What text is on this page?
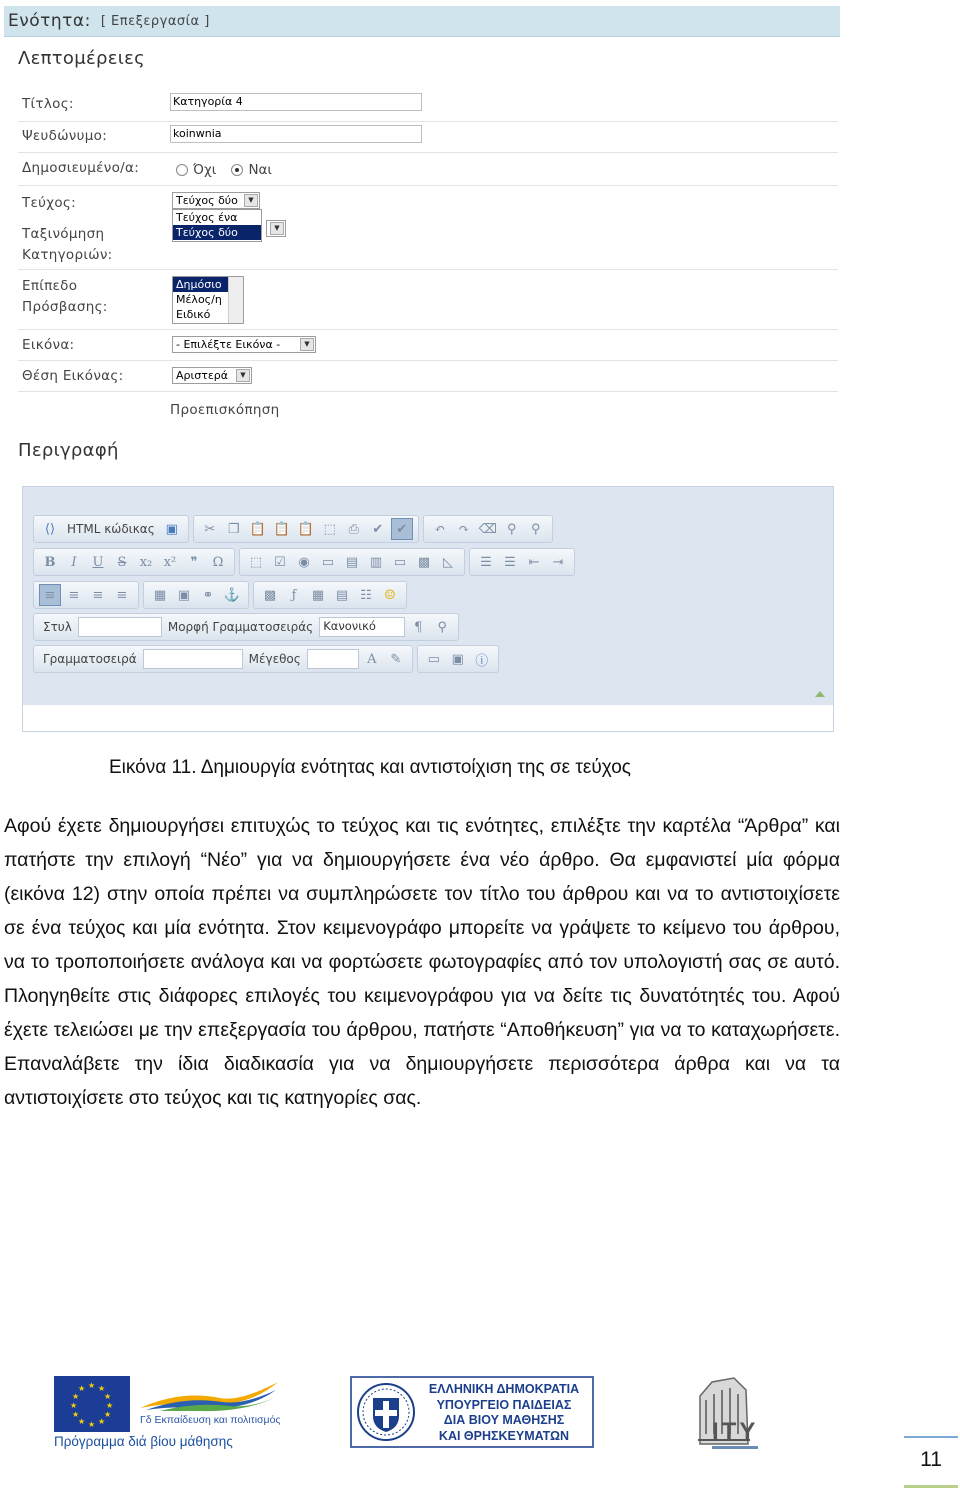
Ενότητα: [ Επεξεργασία ]
Λεπτομέρειες
Τίτλος:	Κατηγορία 4
Ψευδώνυμο:	koinwnia
Δημοσιευμένο/α:	Όχι Ναι
Τεύχος:
Ταξινόμηση
Κατηγοριών:
Τεύχος δύο	▼
Τεύχος ένα
Τεύχος δύο	▼
Επίπεδο
Πρόσβασης:
Δημόσιο
Μέλος/η
Ειδικό
Εικόνα:	- Επιλέξτε Εικόνα -	▼
Θέση Εικόνας:	Αριστερά	▼
Προεπισκόπηση
Περιγραφή
⟨⟩ HTML κώδικας ▣	✂ ❐ 📋 📋 📋 ⬚ ⎙	✔	✔	↶	↷ ⌫ ⚲	⚲
B	I	U	S	x₂ x²	❞	Ω	⬚ ☑ ◉ ▭ ▤ ▥ ▭ ▩ ◺	☰ ☰ ⇤	⇥
≡	≡	≡	≡	▦ ▣ ⚭ ⚓	▩	ƒ	▦ ▤ ☷ ☺
Στυλ	Μορφή Γραμματοσειράς Κανονικό	¶	⚲
Γραμματοσειρά	Μέγεθος	A	✎	▭ ▣ ⓘ
Εικόνα 11. Δημιουργία ενότητας και αντιστοίχιση της σε τεύχος

Αφού έχετε δημιουργήσει επιτυχώς το τεύχος και τις ενότητες, επιλέξτε την καρτέλα “Άρθρα” και πατήστε την επιλογή “Νέο” για να δημιουργήσετε ένα νέο άρθρο. Θα εμφανιστεί μία φόρμα (εικόνα 12) στην οποία πρέπει να συμπληρώσετε τον τίτλο του άρθρου και να το αντιστοιχίσετε σε ένα τεύχος και μία ενότητα. Στον κειμενογράφο μπορείτε να γράψετε το κείμενο του άρθρου, να το τροποποιήσετε ανάλογα και να φορτώσετε φωτογραφίες από τον υπολογιστή σας σε αυτό. Πλοηγηθείτε στις διάφορες επιλογές του κειμενογράφου για να δείτε τις δυνατότητές του. Αφού έχετε τελειώσει με την επεξεργασία του άρθρου, πατήστε “Αποθήκευση” για να το καταχωρήσετε. Επαναλάβετε την ίδια διαδικασία για να δημιουργήσετε περισσότερα άρθρα και να τα αντιστοιχίσετε στο τεύχος και τις κατηγορίες σας.

★ ★
★
★
★
★
★
★
★
★
★
★
Γδ Εκπαίδευση και πολιτισμός
Πρόγραμμα διά βίου μάθησης
ΕΛΛΗΝΙΚΗ ΔΗΜΟΚΡΑΤΙΑ
ΥΠΟΥΡΓΕΙΟ ΠΑΙΔΕΙΑΣ
ΔΙΑ ΒΙΟΥ ΜΑΘΗΣΗΣ
ΚΑΙ ΘΡΗΣΚΕΥΜΑΤΩΝ	ITY
11
